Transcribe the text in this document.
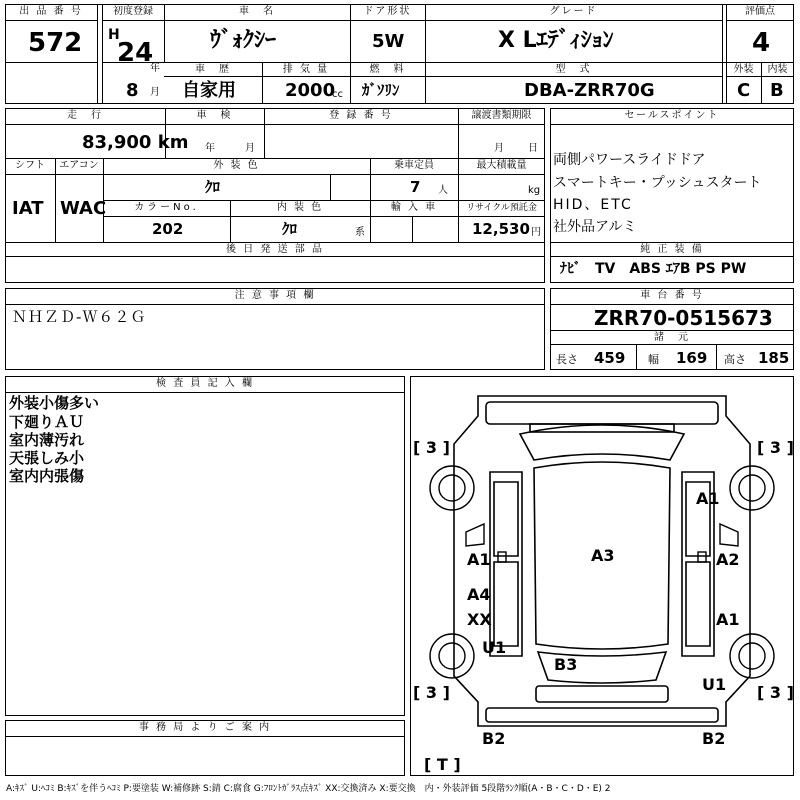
出 品 番 号
572
初度登録
H
24
年
8 月
車　名
ｳﾞｫｸｼｰ
ドア形状
5W
グレード
X Lｴﾃﾞｨｼｮﾝ
評価点
4
車　歴
自家用
排 気 量
2000
cc
燃　料
ｶﾞｿﾘﾝ
型　式
DBA-ZRR70G
外装	内装
C B
走　行
83,900 km
車　検
年	月
登 録 番 号	譲渡書類期限
月 日
シフト	エアコン
IAT WAC
外 装 色
ｸﾛ
乗車定員
7 人
最大積載量
kg
カラーNo.
202
内 装 色
ｸﾛ	系
輸 入 車	リサイクル預託金
12,530 円
後 日 発 送 部 品
セールスポイント
両側パワースライドドア
スマートキー・プッシュスタート
HID、ETC
社外品アルミ
純 正 装 備
ﾅﾋﾞ　TV　ABS ｴｱB PS PW
注 意 事 項 欄
ＮＨＺＤ-Ｗ６２Ｇ
車 台 番 号
ZRR70-0515673
諸　元
長さ 459 幅 169 高さ 185
検 査 員 記 入 欄
外装小傷多い
下廻りＡＵ
室内薄汚れ
天張しみ小
室内内張傷
事 務 局 よ り ご 案 内
[ 3 ]	[ 3 ]
[ 3 ]	[ 3 ]
[ T ]
A1
A1	A2
A3
A4
XX	A1
U1
B3
U1
B2	B2
A:ｷｽﾞ U:ﾍｺﾐ B:ｷｽﾞを伴うﾍｺﾐ P:要塗装 W:補修跡 S:錆 C:腐食 G:ﾌﾛﾝﾄｶﾞﾗｽ点ｷｽﾞ XX:交換済み X:要交換　内・外装評価 5段階ﾗﾝｸ順(A・B・C・D・E) 2
